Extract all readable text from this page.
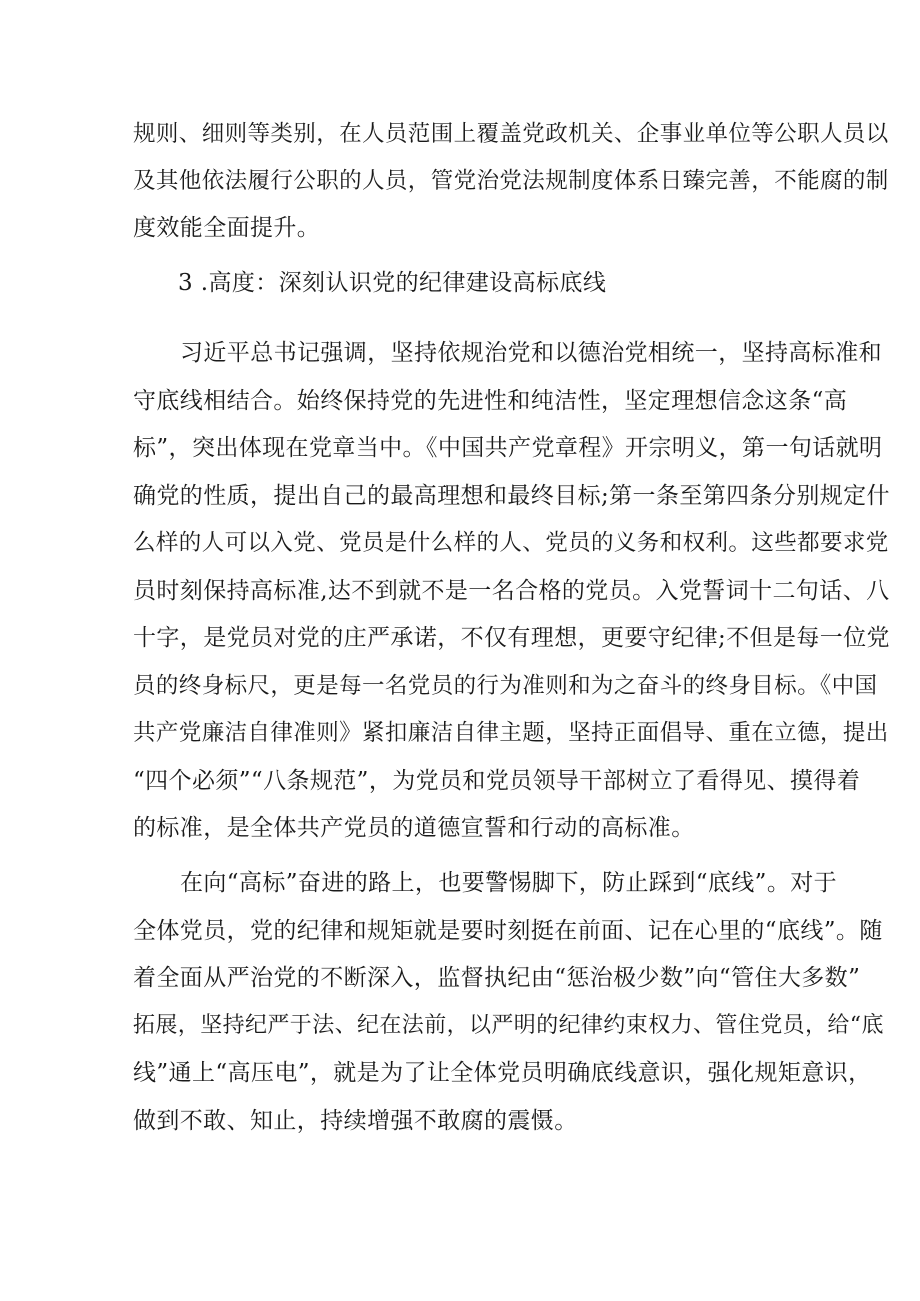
规则、细则等类别，在人员范围上覆盖党政机关、企事业单位等公职人员以
及其他依法履行公职的人员，管党治党法规制度体系日臻完善，不能腐的制
度效能全面提升。
3 .高度：深刻认识党的纪律建设高标底线
习近平总书记强调，坚持依规治党和以德治党相统一，坚持高标准和
守底线相结合。始终保持党的先进性和纯洁性，坚定理想信念这条“高
标”，突出体现在党章当中。《中国共产党章程》开宗明义，第一句话就明
确党的性质，提出自己的最高理想和最终目标;第一条至第四条分别规定什
么样的人可以入党、党员是什么样的人、党员的义务和权利。这些都要求党
员时刻保持高标准,达不到就不是一名合格的党员。入党誓词十二句话、八
十字，是党员对党的庄严承诺，不仅有理想，更要守纪律;不但是每一位党
员的终身标尺，更是每一名党员的行为准则和为之奋斗的终身目标。《中国
共产党廉洁自律准则》紧扣廉洁自律主题，坚持正面倡导、重在立德，提出
“四个必须”“八条规范”，为党员和党员领导干部树立了看得见、摸得着
的标准，是全体共产党员的道德宣誓和行动的高标准。
在向“高标”奋进的路上，也要警惕脚下，防止踩到“底线”。对于
全体党员，党的纪律和规矩就是要时刻挺在前面、记在心里的“底线”。随
着全面从严治党的不断深入，监督执纪由“惩治极少数”向“管住大多数”
拓展，坚持纪严于法、纪在法前，以严明的纪律约束权力、管住党员，给“底
线”通上“高压电”，就是为了让全体党员明确底线意识，强化规矩意识，
做到不敢、知止，持续增强不敢腐的震慑。
